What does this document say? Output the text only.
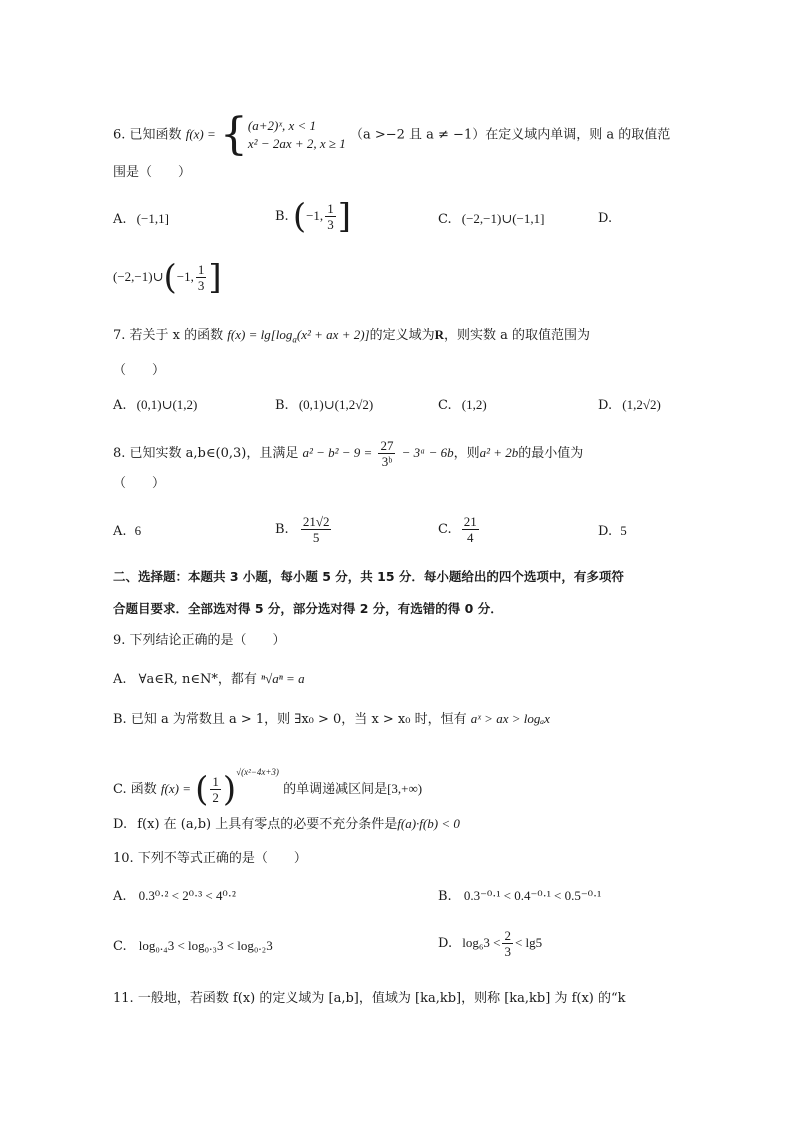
6. 已知函数 f(x) = { (a+2)ˣ, x < 1
x² − 2ax + 2, x ≥ 1
（a >−2 且 a ≠ −1）在定义域内单调，则 a 的取值范
围是（　　）
A. (−1,1]	B. (−1, $\frac{1}{3}$ ]	C. (−2,−1)∪(−1,1]	D.
(−2,−1)∪(−1, $\frac{1}{3}$ ]
7. 若关于 x 的函数 $f(x) = \lg[\log_a(x^2$ + ax + 2)]的定义域为R，则实数 a 的取值范围为
（　　）
A. (0,1)∪(1,2)	B. (0,1)∪(1,2√2)	C. (1,2)	D. (1,2√2)
8. 已知实数 a,b∈(0,3)，且满足 $a^2 - b^2 - 9 = \frac{27}{\text{3ᵇ}}$ − 3ᵃ − 6b，则a² + 2b的最小值为
（　　）
A. 6	B. $\frac{21√2}{5}$	C. $\frac{21}{4}$	D. 5
二、选择题：本题共 3 小题，每小题 5 分，共 15 分．每小题给出的四个选项中，有多项符
合题目要求．全部选对得 5 分，部分选对得 2 分，有选错的得 0 分．
9. 下列结论正确的是（　　）
A. ∀a∈R, n∈N*，都有 ⁿ√aⁿ = a
B. 已知 a 为常数且 a > 1，则 ∃x₀ > 0，当 x > x₀ 时，恒有 aˣ > ax > logₐx
C. 函数 f(x) = ( $\frac{1}{2} )^{√(x^2-4x+3)}$ 的单调递减区间是[3,+∞)
D. f(x) 在 (a,b) 上具有零点的必要不充分条件是f(a)·f(b) < 0
10. 下列不等式正确的是（　　）
A. 0.3⁰·² < 2⁰·³ < 4⁰·²	B. 0.3⁻⁰·¹ < 0.4⁻⁰·¹ < 0.5⁻⁰·¹
C. log₀.₄3 < log₀.₃3 < log₀.₂3	D. $\log_63 < \frac{2}{3} < \lg 5$
11. 一般地，若函数 f(x) 的定义域为 [a,b]，值域为 [ka,kb]，则称 [ka,kb] 为 f(x) 的“k
